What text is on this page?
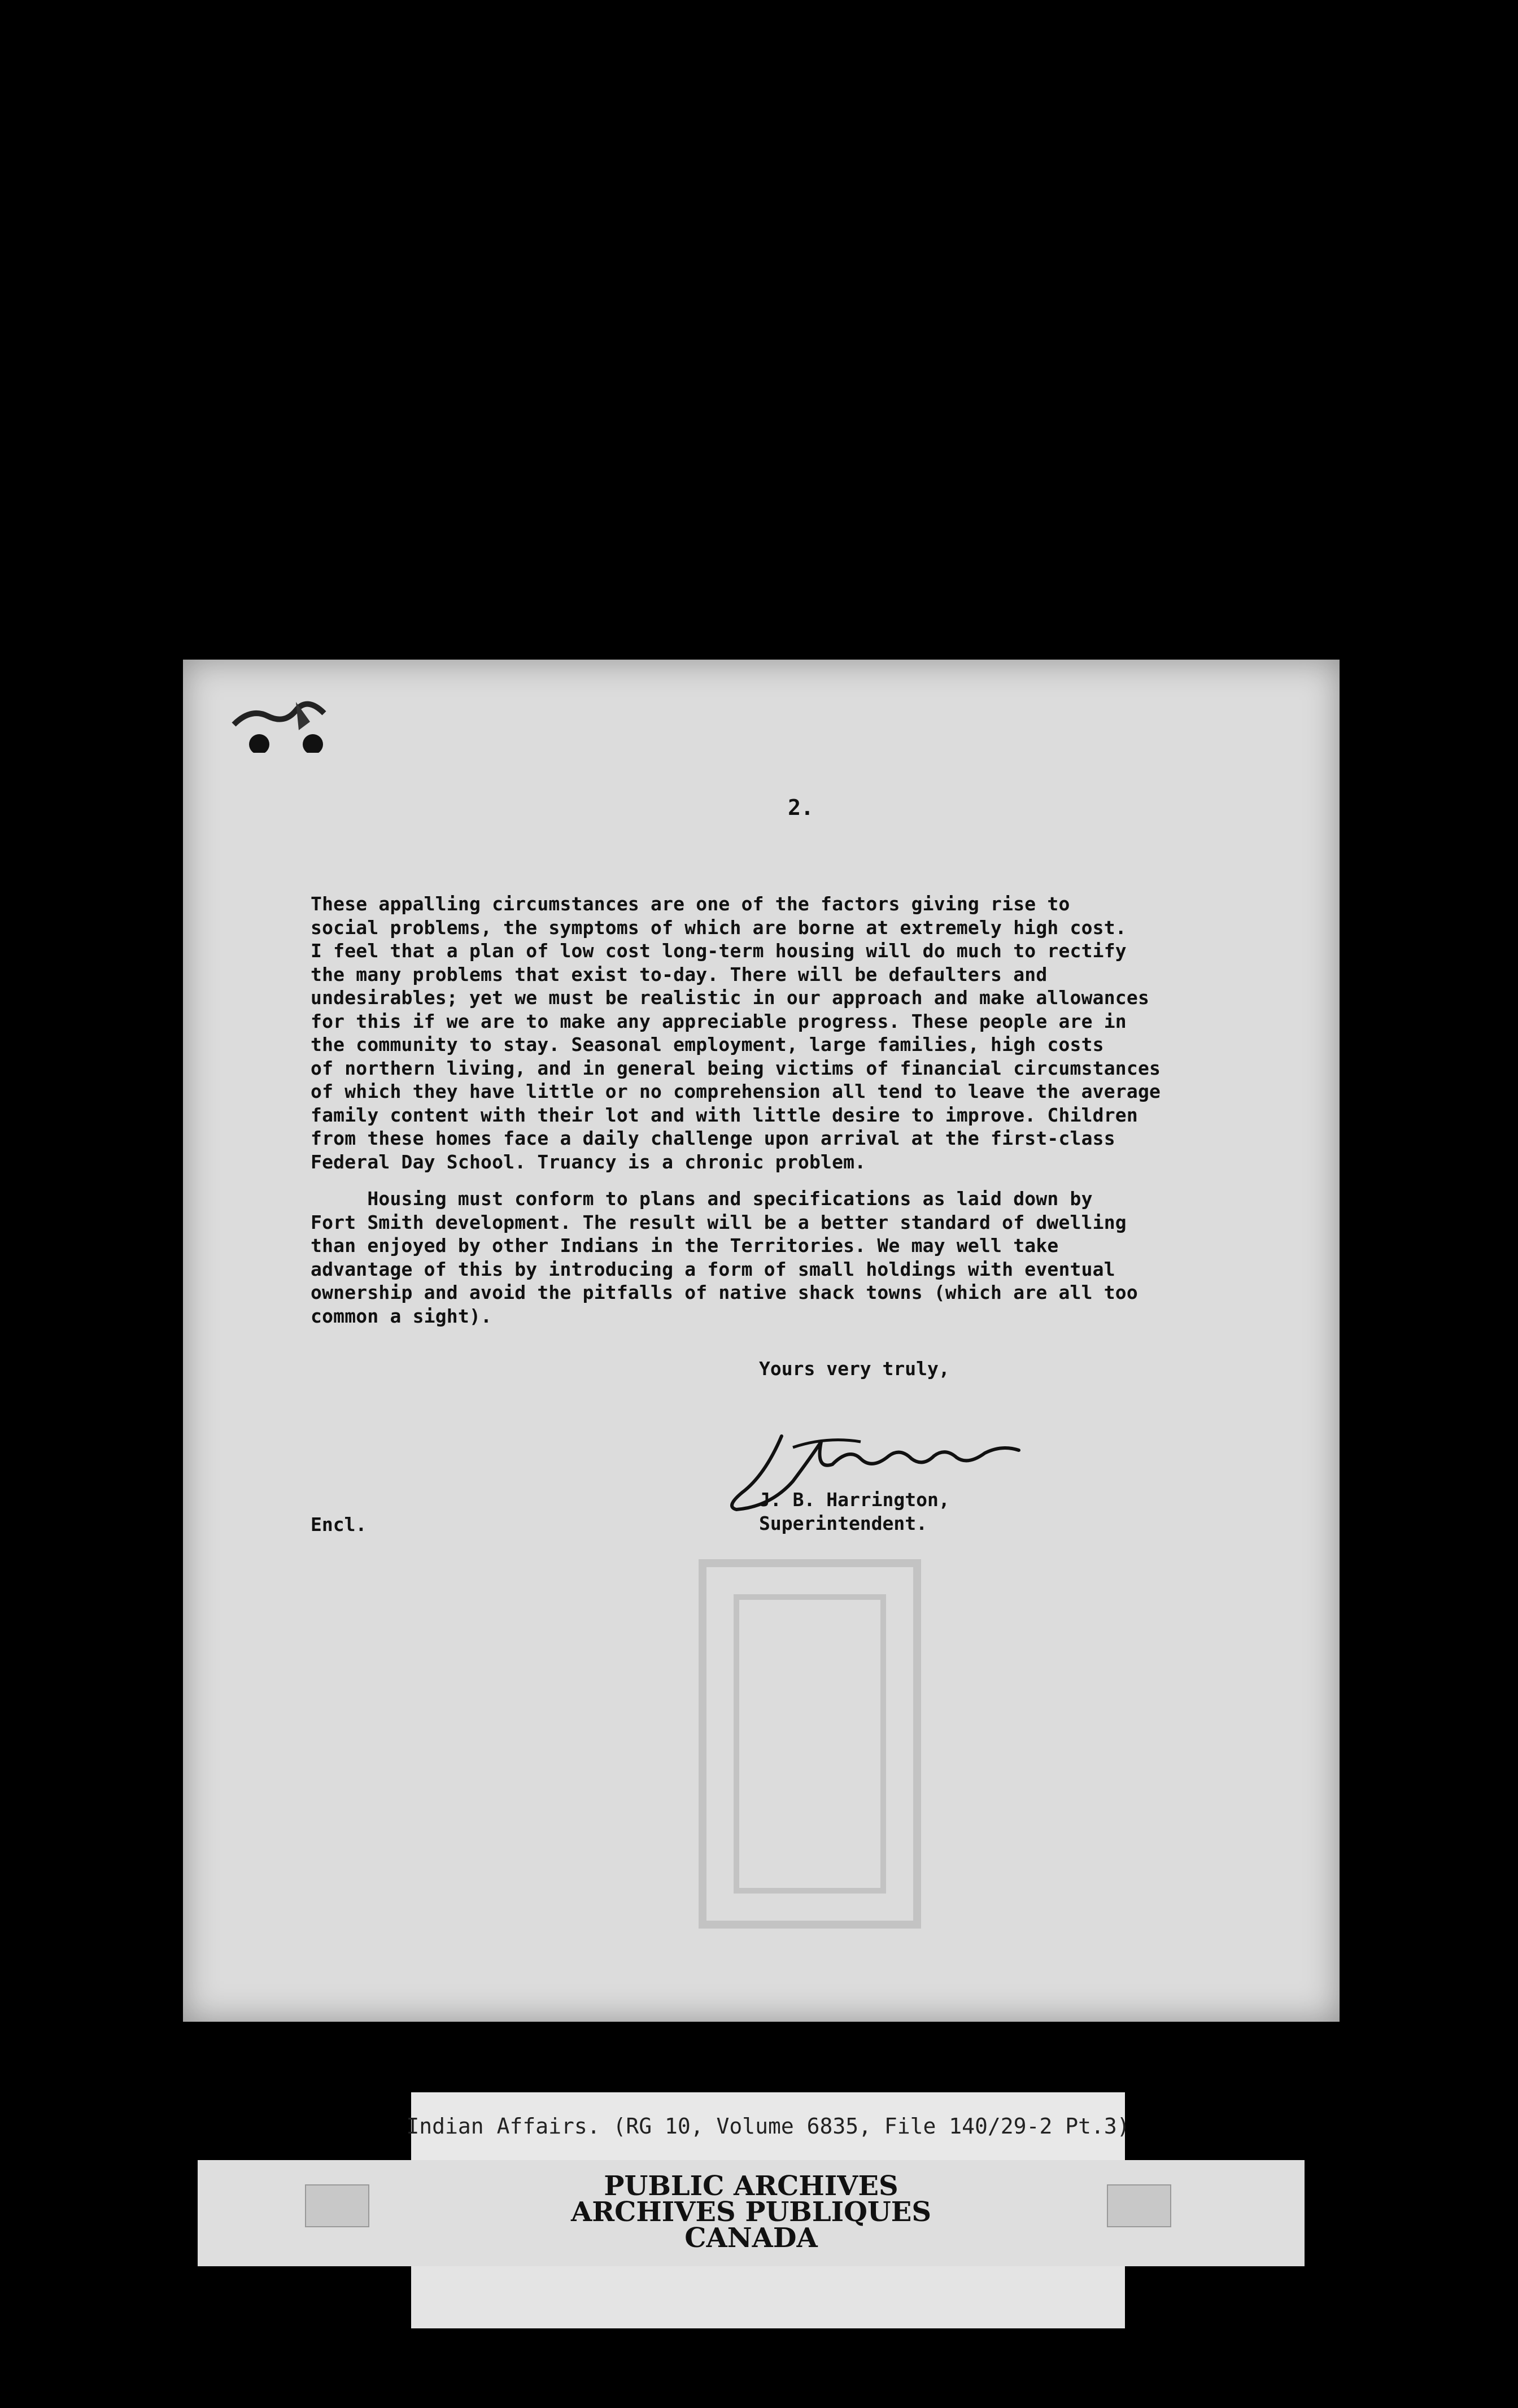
2.

These appalling circumstances are one of the factors giving rise to
social problems, the symptoms of which are borne at extremely high cost.
I feel that a plan of low cost long-term housing will do much to rectify
the many problems that exist to-day. There will be defaulters and
undesirables; yet we must be realistic in our approach and make allowances
for this if we are to make any appreciable progress. These people are in
the community to stay. Seasonal employment, large families, high costs
of northern living, and in general being victims of financial circumstances
of which they have little or no comprehension all tend to leave the average
family content with their lot and with little desire to improve. Children
from these homes face a daily challenge upon arrival at the first-class
Federal Day School. Truancy is a chronic problem.

Housing must conform to plans and specifications as laid down by
Fort Smith development. The result will be a better standard of dwelling
than enjoyed by other Indians in the Territories. We may well take
advantage of this by introducing a form of small holdings with eventual
ownership and avoid the pitfalls of native shack towns (which are all too
common a sight).

Yours very truly,
J. B. Harrington,
Superintendent.
Encl.
Indian Affairs. (RG 10, Volume 6835, File 140/29-2 Pt.3)
PUBLIC ARCHIVES
ARCHIVES PUBLIQUES
CANADA
